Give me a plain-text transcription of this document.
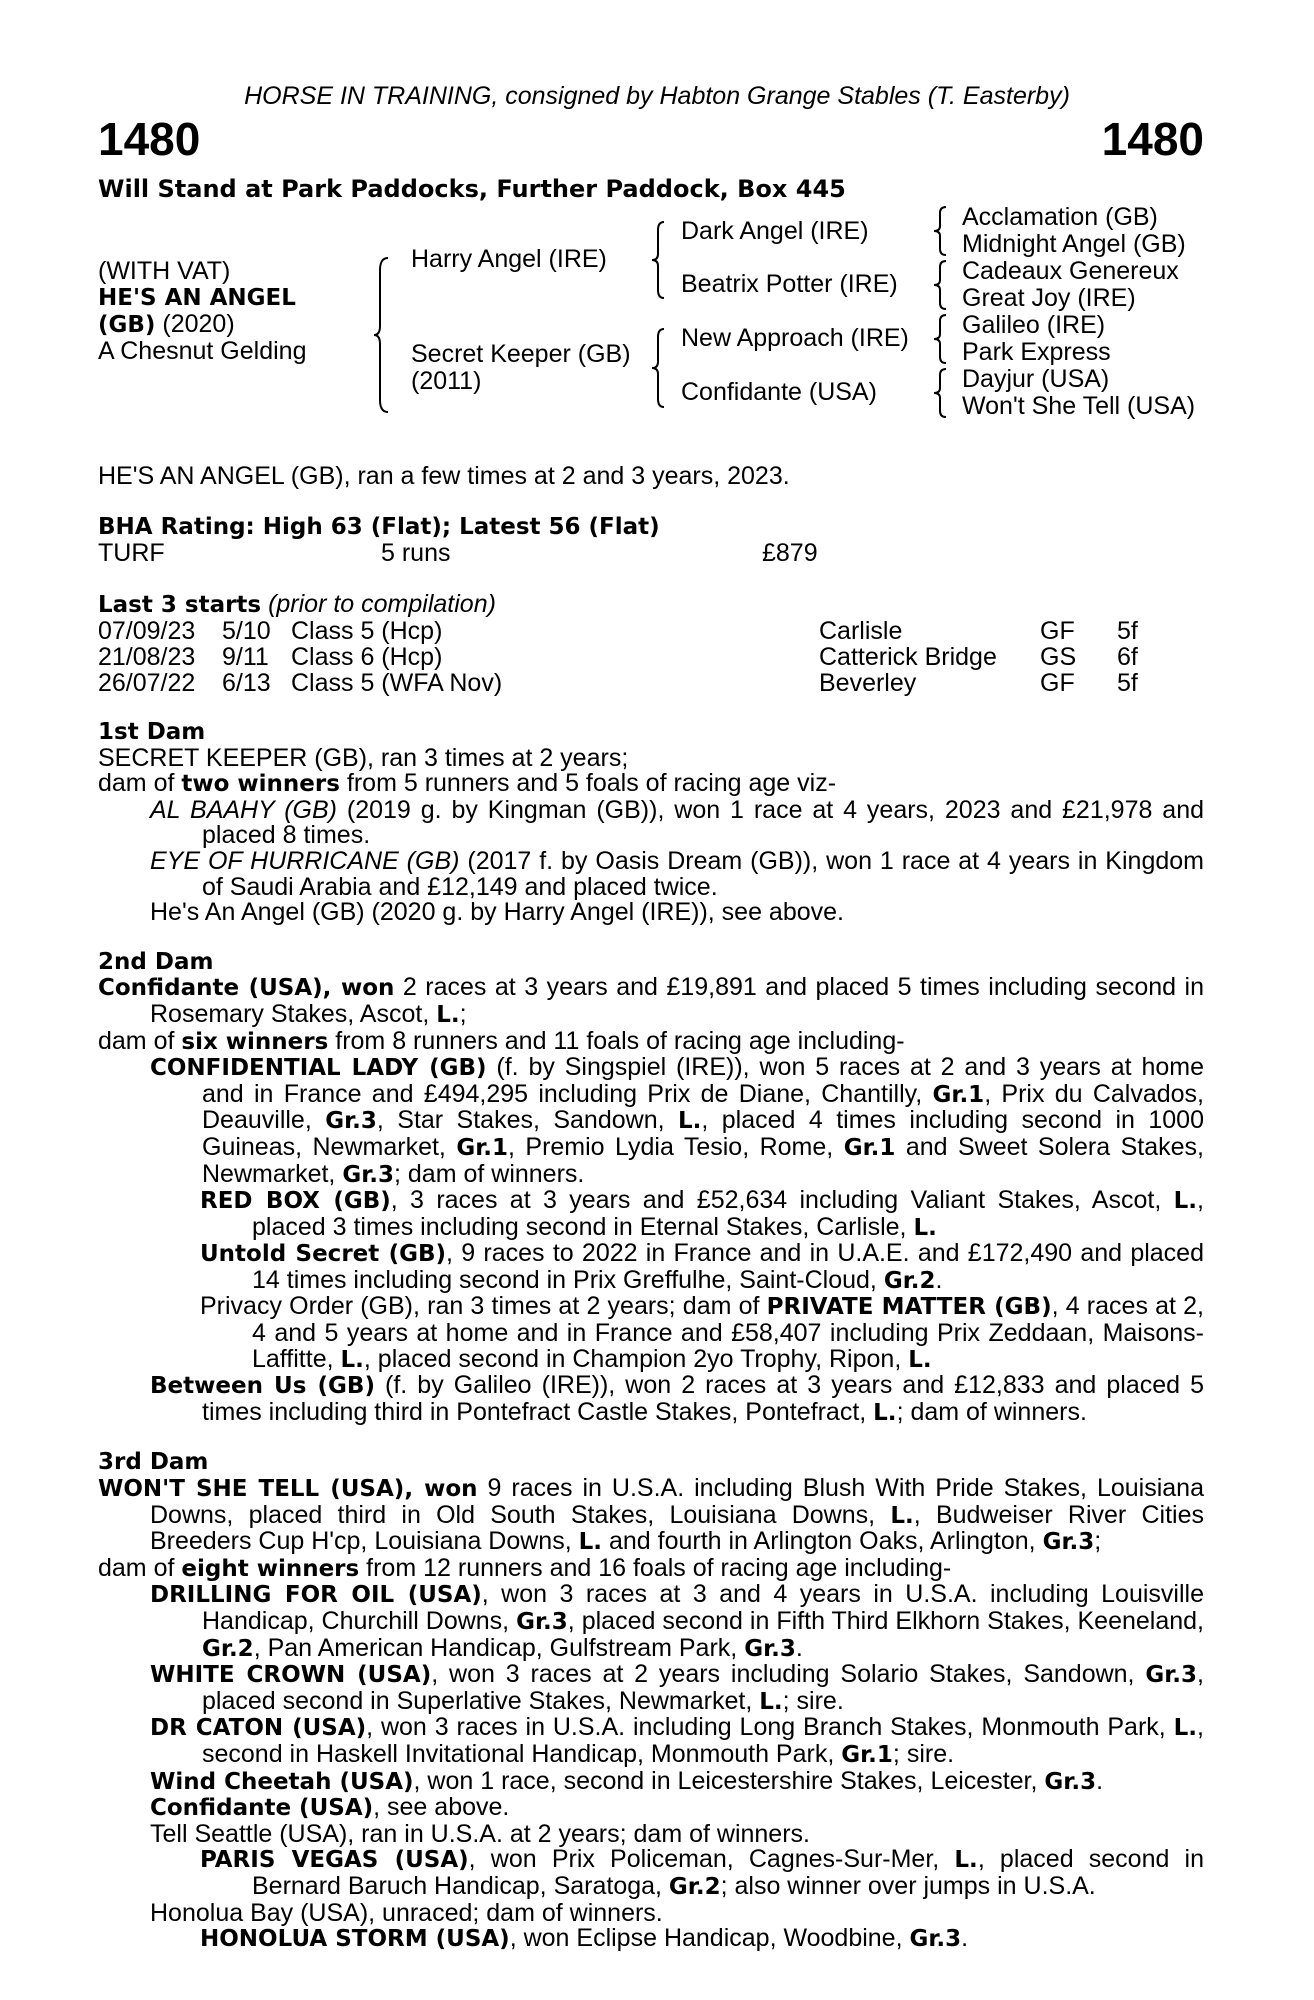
HORSE IN TRAINING, consigned by Habton Grange Stables (T. Easterby)
1480	1480
Will Stand at Park Paddocks, Further Paddock, Box 445
(WITH VAT)
HE'S AN ANGEL
(GB) (2020)
A Chesnut Gelding
Harry Angel (IRE)
Secret Keeper (GB)
(2011)
Dark Angel (IRE)
Beatrix Potter (IRE)
New Approach (IRE)
Confidante (USA)
Acclamation (GB)
Midnight Angel (GB)
Cadeaux Genereux
Great Joy (IRE)
Galileo (IRE)
Park Express
Dayjur (USA)
Won't She Tell (USA)
HE'S AN ANGEL (GB), ran a few times at 2 and 3 years, 2023.
BHA Rating: High 63 (Flat); Latest 56 (Flat)
TURF	5 runs	£879
Last 3 starts (prior to compilation)
07/09/23 5/10 Class 5 (Hcp)	Carlisle	GF 5f
21/08/23 9/11 Class 6 (Hcp)	Catterick Bridge GS 6f
26/07/22 6/13 Class 5 (WFA Nov)	Beverley	GF 5f

1st Dam

SECRET KEEPER (GB), ran 3 times at 2 years;

dam of two winners from 5 runners and 5 foals of racing age viz-

AL BAAHY (GB) (2019 g. by Kingman (GB)), won 1 race at 4 years, 2023 and £21,978 and placed 8 times.

EYE OF HURRICANE (GB) (2017 f. by Oasis Dream (GB)), won 1 race at 4 years in Kingdom of Saudi Arabia and £12,149 and placed twice.

He's An Angel (GB) (2020 g. by Harry Angel (IRE)), see above.

2nd Dam

Confidante (USA), won 2 races at 3 years and £19,891 and placed 5 times including second in Rosemary Stakes, Ascot, L.;

dam of six winners from 8 runners and 11 foals of racing age including-

CONFIDENTIAL LADY (GB) (f. by Singspiel (IRE)), won 5 races at 2 and 3 years at home and in France and £494,295 including Prix de Diane, Chantilly, Gr.1, Prix du Calvados, Deauville, Gr.3, Star Stakes, Sandown, L., placed 4 times including second in 1000 Guineas, Newmarket, Gr.1, Premio Lydia Tesio, Rome, Gr.1 and Sweet Solera Stakes, Newmarket, Gr.3; dam of winners.

RED BOX (GB), 3 races at 3 years and £52,634 including Valiant Stakes, Ascot, L., placed 3 times including second in Eternal Stakes, Carlisle, L.

Untold Secret (GB), 9 races to 2022 in France and in U.A.E. and £172,490 and placed 14 times including second in Prix Greffulhe, Saint-Cloud, Gr.2.

Privacy Order (GB), ran 3 times at 2 years; dam of PRIVATE MATTER (GB), 4 races at 2, 4 and 5 years at home and in France and £58,407 including Prix Zeddaan, Maisons-Laffitte, L., placed second in Champion 2yo Trophy, Ripon, L.

Between Us (GB) (f. by Galileo (IRE)), won 2 races at 3 years and £12,833 and placed 5 times including third in Pontefract Castle Stakes, Pontefract, L.; dam of winners.

3rd Dam

WON'T SHE TELL (USA), won 9 races in U.S.A. including Blush With Pride Stakes, Louisiana Downs, placed third in Old South Stakes, Louisiana Downs, L., Budweiser River Cities Breeders Cup H'cp, Louisiana Downs, L. and fourth in Arlington Oaks, Arlington, Gr.3;

dam of eight winners from 12 runners and 16 foals of racing age including-

DRILLING FOR OIL (USA), won 3 races at 3 and 4 years in U.S.A. including Louisville Handicap, Churchill Downs, Gr.3, placed second in Fifth Third Elkhorn Stakes, Keeneland, Gr.2, Pan American Handicap, Gulfstream Park, Gr.3.

WHITE CROWN (USA), won 3 races at 2 years including Solario Stakes, Sandown, Gr.3, placed second in Superlative Stakes, Newmarket, L.; sire.

DR CATON (USA), won 3 races in U.S.A. including Long Branch Stakes, Monmouth Park, L., second in Haskell Invitational Handicap, Monmouth Park, Gr.1; sire.

Wind Cheetah (USA), won 1 race, second in Leicestershire Stakes, Leicester, Gr.3.

Confidante (USA), see above.

Tell Seattle (USA), ran in U.S.A. at 2 years; dam of winners.

PARIS VEGAS (USA), won Prix Policeman, Cagnes-Sur-Mer, L., placed second in Bernard Baruch Handicap, Saratoga, Gr.2; also winner over jumps in U.S.A.

Honolua Bay (USA), unraced; dam of winners.

HONOLUA STORM (USA), won Eclipse Handicap, Woodbine, Gr.3.
